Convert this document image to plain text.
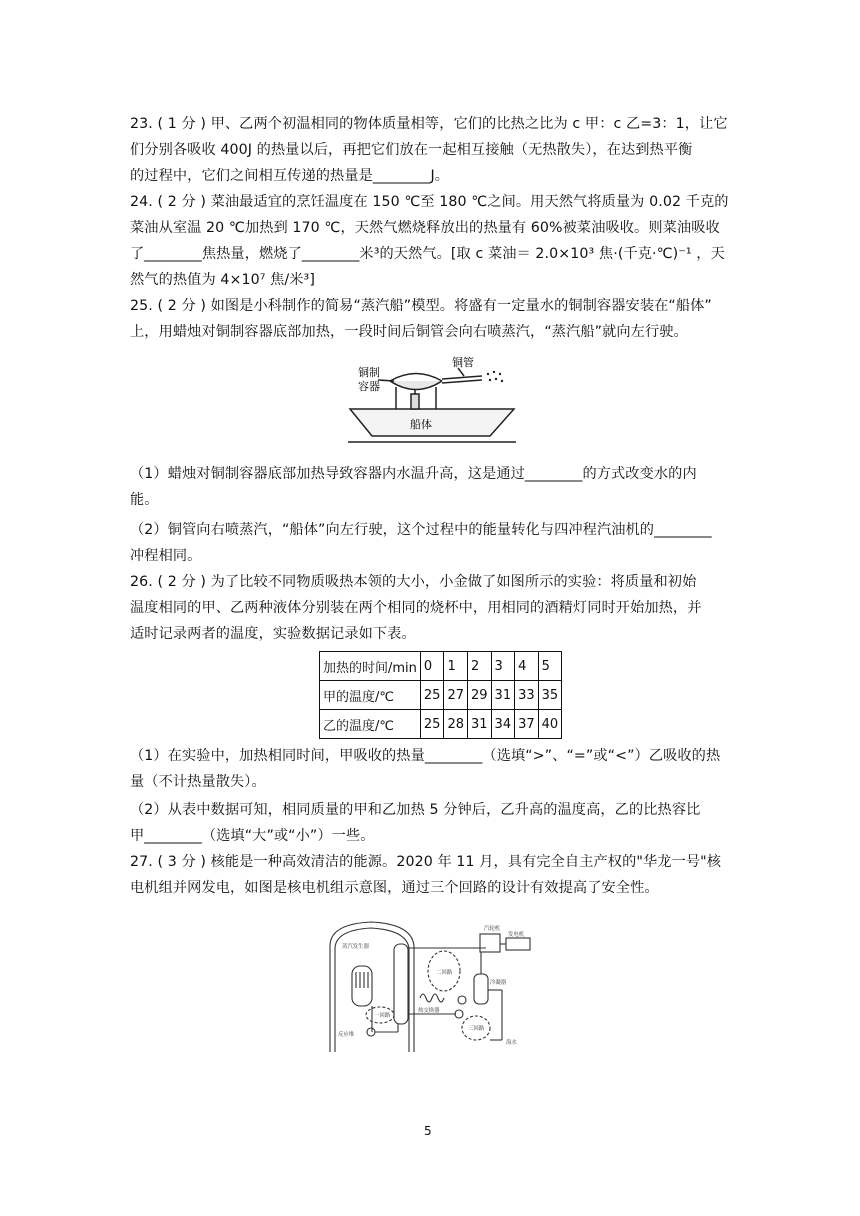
23. ( 1 分 ) 甲、乙两个初温相同的物体质量相等，它们的比热之比为 c 甲：c 乙=3：1，让它
们分别各吸收 400J 的热量以后，再把它们放在一起相互接触（无热散失），在达到热平衡
的过程中，它们之间相互传递的热量是________J。
24. ( 2 分 ) 菜油最适宜的烹饪温度在 150 ℃至 180 ℃之间。用天然气将质量为 0.02 千克的
菜油从室温 20 ℃加热到 170 ℃，天然气燃烧释放出的热量有 60%被菜油吸收。则菜油吸收
了________焦热量，燃烧了________米³的天然气。[取 c 菜油＝ 2.0×10³ 焦·(千克·℃)⁻¹ ，天
然气的热值为 4×10⁷ 焦/米³]
25. ( 2 分 ) 如图是小科制作的简易“蒸汽船”模型。将盛有一定量水的铜制容器安装在“船体”
上，用蜡烛对铜制容器底部加热，一段时间后铜管会向右喷蒸汽，“蒸汽船”就向左行驶。
铜制
容器
铜管
船体
（1）蜡烛对铜制容器底部加热导致容器内水温升高，这是通过________的方式改变水的内
能。
（2）铜管向右喷蒸汽，“船体”向左行驶，这个过程中的能量转化与四冲程汽油机的________
冲程相同。
26. ( 2 分 ) 为了比较不同物质吸热本领的大小，小金做了如图所示的实验：将质量和初始
温度相同的甲、乙两种液体分别装在两个相同的烧杯中，用相同的酒精灯同时开始加热，并
适时记录两者的温度，实验数据记录如下表。
加热的时间/min	0	1	2	3	4	5
甲的温度/℃	25	27	29	31	33	35
乙的温度/℃	25	28	31	34	37	40
（1）在实验中，加热相同时间，甲吸收的热量________（选填“>”、“=”或“<”）乙吸收的热
量（不计热量散失）。
（2）从表中数据可知，相同质量的甲和乙加热 5 分钟后，乙升高的温度高，乙的比热容比
甲________（选填“大”或“小”）一些。
27. ( 3 分 ) 核能是一种高效清洁的能源。2020 年 11 月，具有完全自主产权的"华龙一号"核
电机组并网发电，如图是核电机组示意图，通过三个回路的设计有效提高了安全性。
蒸汽发生器
汽轮机
发电机
二回路
热交换器
冷凝器
反应堆
一回路
三回路
海水
5
